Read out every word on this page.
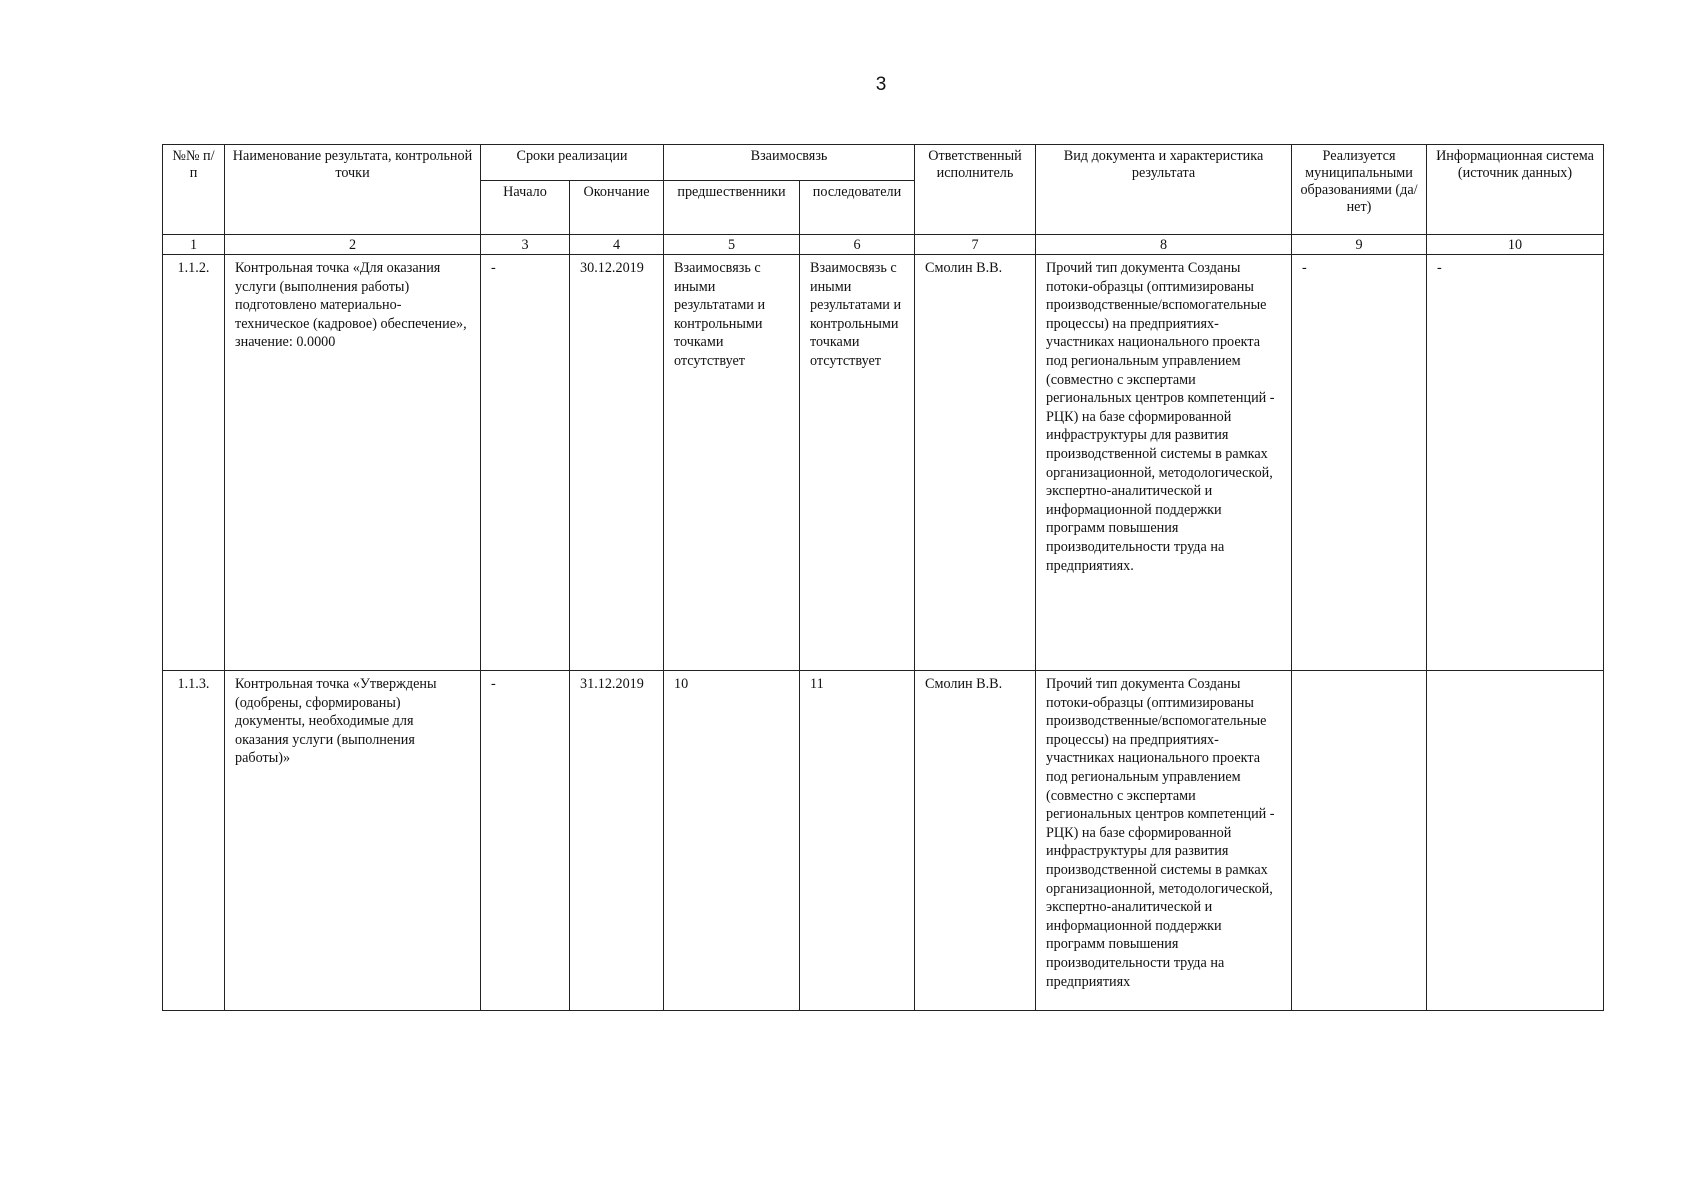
3
№№ п/п	Наименование результата, контрольной точки	Сроки реализации		Взаимосвязь		Ответственный исполнитель	Вид документа и характеристика результата	Реализуется муниципальными образованиями (да/нет)	Информационная система (источник данных)
		Начало	Окончание	предшественники	последователи				
1	2	3	4	5	6	7	8	9	10
1.1.2.	Контрольная точка «Для оказания услуги (выполнения работы) подготовлено материально-техническое (кадровое) обеспечение», значение: 0.0000	-	30.12.2019	Взаимосвязь с иными результатами и контрольными точками отсутствует	Взаимосвязь с иными результатами и контрольными точками отсутствует	Смолин В.В.	Прочий тип документа Созданы потоки-образцы (оптимизированы производственные/вспомогательные процессы) на предприятиях-участниках национального проекта под региональным управлением (совместно с экспертами региональных центров компетенций - РЦК) на базе сформированной инфраструктуры для развития производственной системы в рамках организационной, методологической, экспертно-аналитической и информационной поддержки программ повышения производительности труда на предприятиях.	-	-
1.1.3.	Контрольная точка «Утверждены (одобрены, сформированы) документы, необходимые для оказания услуги (выполнения работы)»	-	31.12.2019	10	11	Смолин В.В.	Прочий тип документа Созданы потоки-образцы (оптимизированы производственные/вспомогательные процессы) на предприятиях-участниках национального проекта под региональным управлением (совместно с экспертами региональных центров компетенций - РЦК) на базе сформированной инфраструктуры для развития производственной системы в рамках организационной, методологической, экспертно-аналитической и информационной поддержки программ повышения производительности труда на предприятиях		
